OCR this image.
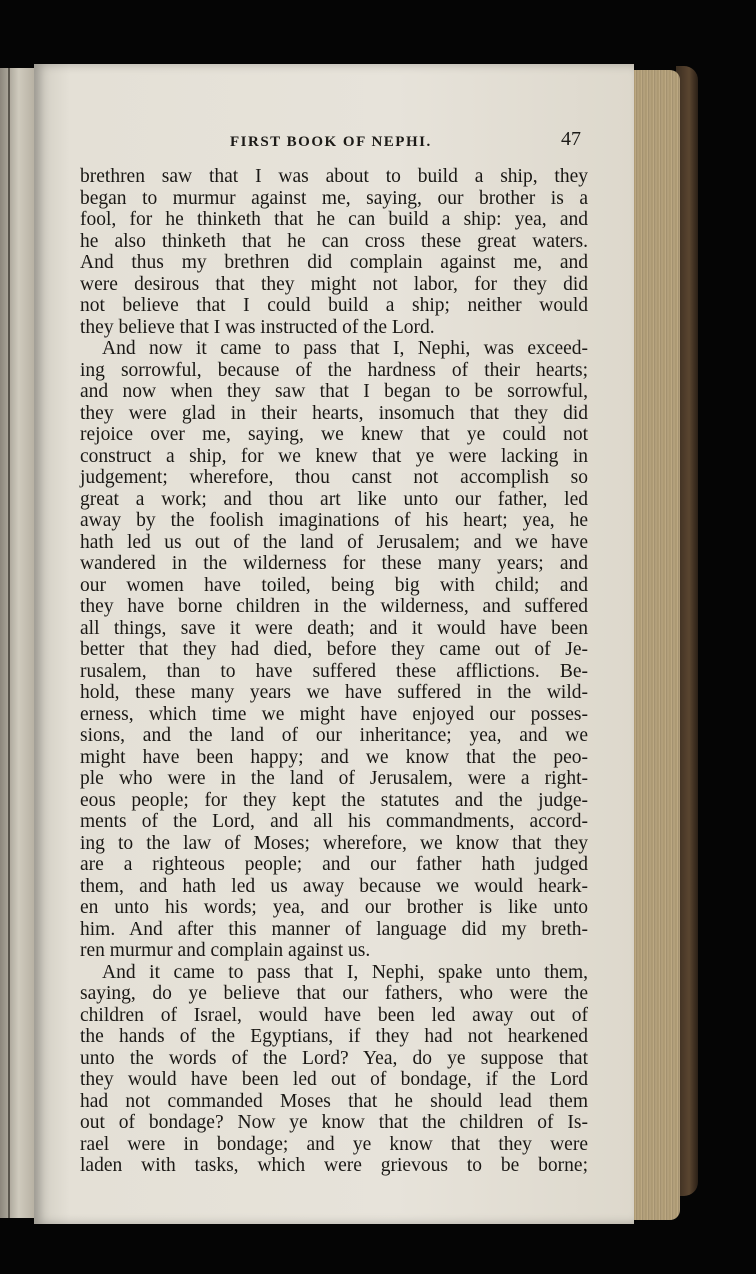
FIRST BOOK OF NEPHI.	47
brethren saw that I was about to build a ship, they
began to murmur against me, saying, our brother is a
fool, for he thinketh that he can build a ship: yea, and
he also thinketh that he can cross these great waters.
And thus my brethren did complain against me, and
were desirous that they might not labor, for they did
not believe that I could build a ship; neither would
they believe that I was instructed of the Lord.
And now it came to pass that I, Nephi, was exceed-
ing sorrowful, because of the hardness of their hearts;
and now when they saw that I began to be sorrowful,
they were glad in their hearts, insomuch that they did
rejoice over me, saying, we knew that ye could not
construct a ship, for we knew that ye were lacking in
judgement; wherefore, thou canst not accomplish so
great a work; and thou art like unto our father, led
away by the foolish imaginations of his heart; yea, he
hath led us out of the land of Jerusalem; and we have
wandered in the wilderness for these many years; and
our women have toiled, being big with child; and
they have borne children in the wilderness, and suffered
all things, save it were death; and it would have been
better that they had died, before they came out of Je-
rusalem, than to have suffered these afflictions. Be-
hold, these many years we have suffered in the wild-
erness, which time we might have enjoyed our posses-
sions, and the land of our inheritance; yea, and we
might have been happy; and we know that the peo-
ple who were in the land of Jerusalem, were a right-
eous people; for they kept the statutes and the judge-
ments of the Lord, and all his commandments, accord-
ing to the law of Moses; wherefore, we know that they
are a righteous people; and our father hath judged
them, and hath led us away because we would heark-
en unto his words; yea, and our brother is like unto
him. And after this manner of language did my breth-
ren murmur and complain against us.
And it came to pass that I, Nephi, spake unto them,
saying, do ye believe that our fathers, who were the
children of Israel, would have been led away out of
the hands of the Egyptians, if they had not hearkened
unto the words of the Lord? Yea, do ye suppose that
they would have been led out of bondage, if the Lord
had not commanded Moses that he should lead them
out of bondage? Now ye know that the children of Is-
rael were in bondage; and ye know that they were
laden with tasks, which were grievous to be borne;
